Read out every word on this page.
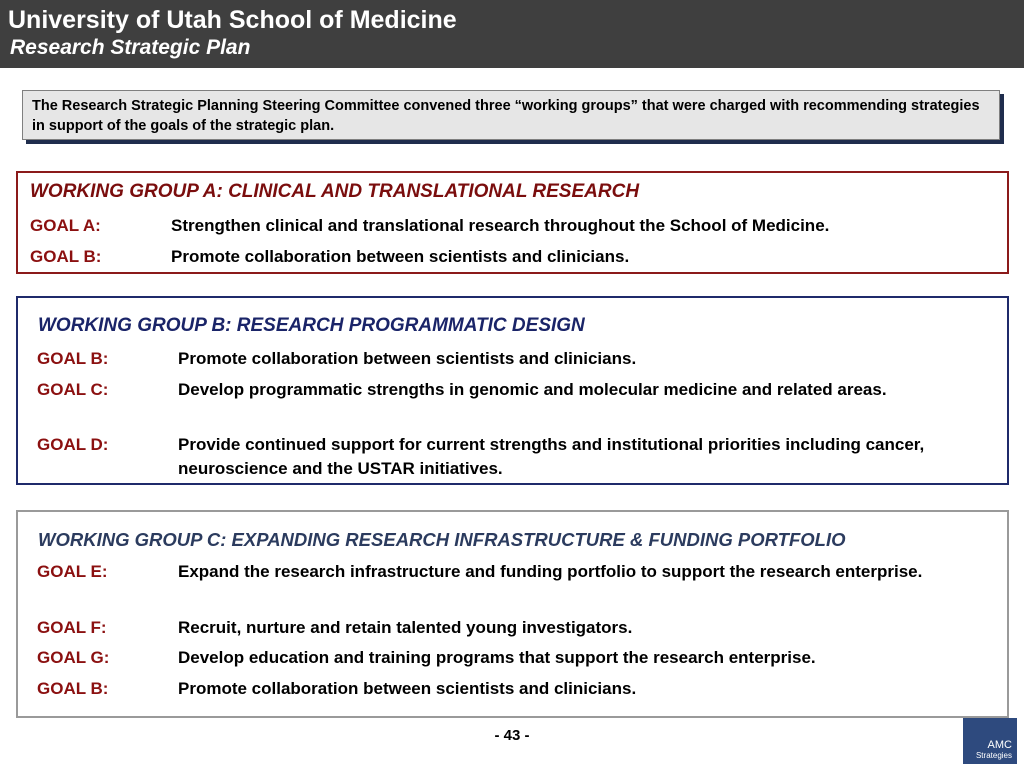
University of Utah School of Medicine
Research Strategic Plan
The Research Strategic Planning Steering Committee convened three “working groups” that were charged with recommending strategies in support of the goals of the strategic plan.
WORKING GROUP A: CLINICAL AND TRANSLATIONAL RESEARCH
GOAL A:	Strengthen clinical and translational research throughout the School of Medicine.
GOAL B:	Promote collaboration between scientists and clinicians.
WORKING GROUP B: RESEARCH PROGRAMMATIC DESIGN
GOAL B:	Promote collaboration between scientists and clinicians.
GOAL C:	Develop programmatic strengths in genomic and molecular medicine and related areas.
GOAL D:	Provide continued support for current strengths and institutional priorities including cancer, neuroscience and the USTAR initiatives.
WORKING GROUP C: EXPANDING RESEARCH INFRASTRUCTURE & FUNDING PORTFOLIO
GOAL E:	Expand the research infrastructure and funding portfolio to support the research enterprise.
GOAL F:	Recruit, nurture and retain talented young investigators.
GOAL G:	Develop education and training programs that support the research enterprise.
GOAL B:	Promote collaboration between scientists and clinicians.
- 43 -
AMC
Strategies
